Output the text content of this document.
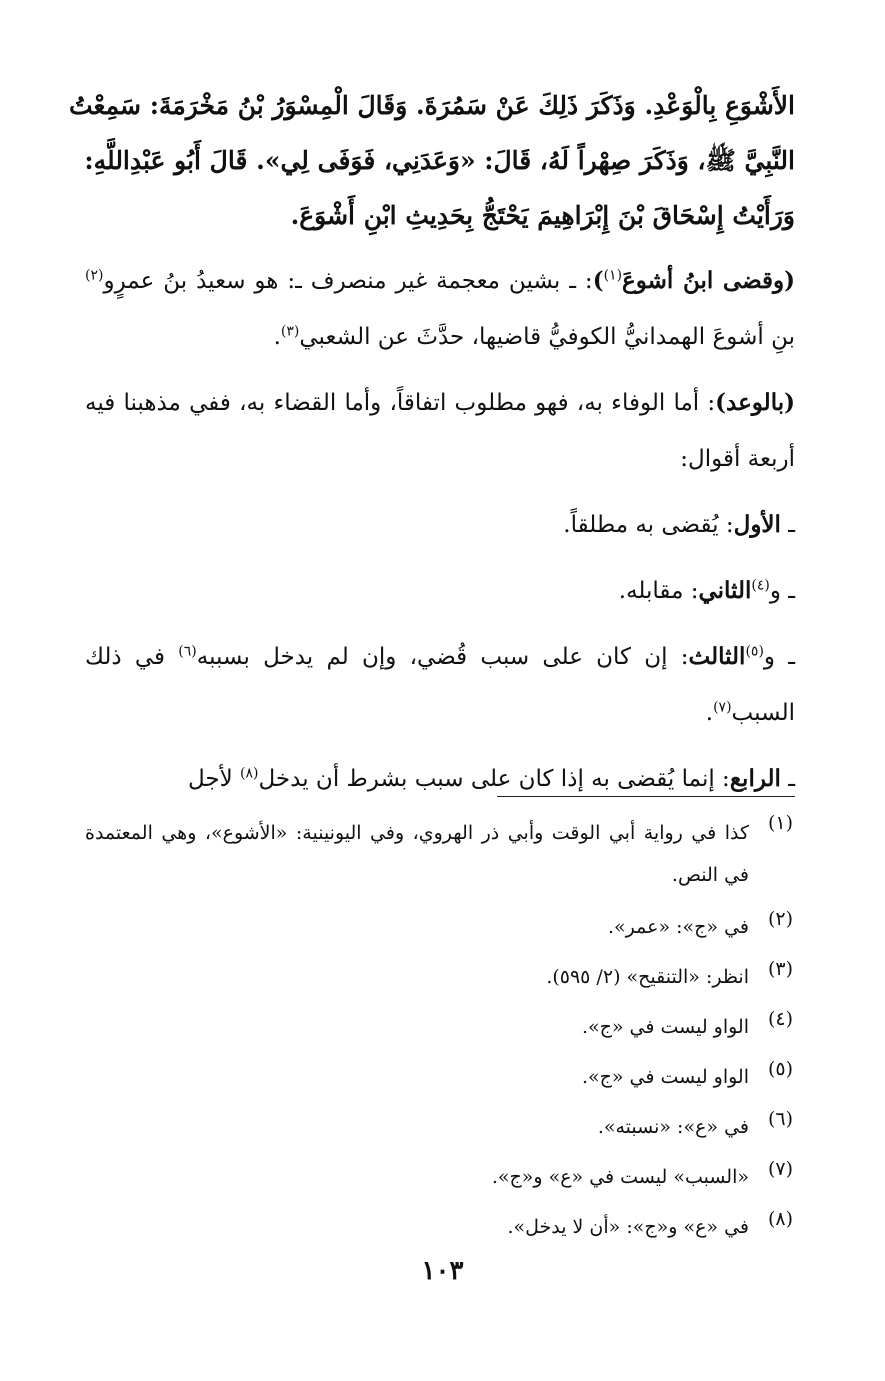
الأَشْوَعِ بِالْوَعْدِ. وَذَكَرَ ذَلِكَ عَنْ سَمُرَةَ. وَقَالَ الْمِسْوَرُ بْنُ مَخْرَمَةَ: سَمِعْتُ

النَّبِيَّ ﷺ، وَذَكَرَ صِهْراً لَهُ، قَالَ: «وَعَدَنِي، فَوَفَى لِي». قَالَ أَبُو عَبْدِاللَّهِ:

وَرَأَيْتُ إِسْحَاقَ بْنَ إِبْرَاهِيمَ يَحْتَجُّ بِحَدِيثِ ابْنِ أَشْوَعَ.

(وقضى ابنُ أشوعَ$^{(١)}$): ـ بشين معجمة غير منصرف ـ: هو سعيدُ بنُ عمرٍو$^{(٢)}$ بنِ أشوعَ الهمدانيُّ الكوفيُّ قاضيها، حدَّثَ عن الشعبي$^{(٣)}$.

(بالوعد): أما الوفاء به، فهو مطلوب اتفاقاً، وأما القضاء به، ففي مذهبنا فيه أربعة أقوال:

ـ الأول: يُقضى به مطلقاً.

ـ و$^{(٤)}$الثاني: مقابله.

ـ و$^{(٥)}$الثالث: إن كان على سبب قُضي، وإن لم يدخل بسببه$^{(٦)}$ في ذلك السبب$^{(٧)}$.

ـ الرابع: إنما يُقضى به إذا كان على سبب بشرط أن يدخل$^{(٨)}$ لأجل

(١)
كذا في رواية أبي الوقت وأبي ذر الهروي، وفي اليونينية: «الأشوع»، وهي المعتمدة في النص.
(٢)
في «ج»: «عمر».
(٣)
انظر: «التنقيح» (٢/ ٥٩٥).
(٤)
الواو ليست في «ج».
(٥)
الواو ليست في «ج».
(٦)
في «ع»: «نسبته».
(٧)
«السبب» ليست في «ع» و«ج».
(٨)
في «ع» و«ج»: «أن لا يدخل».
١٠٣
